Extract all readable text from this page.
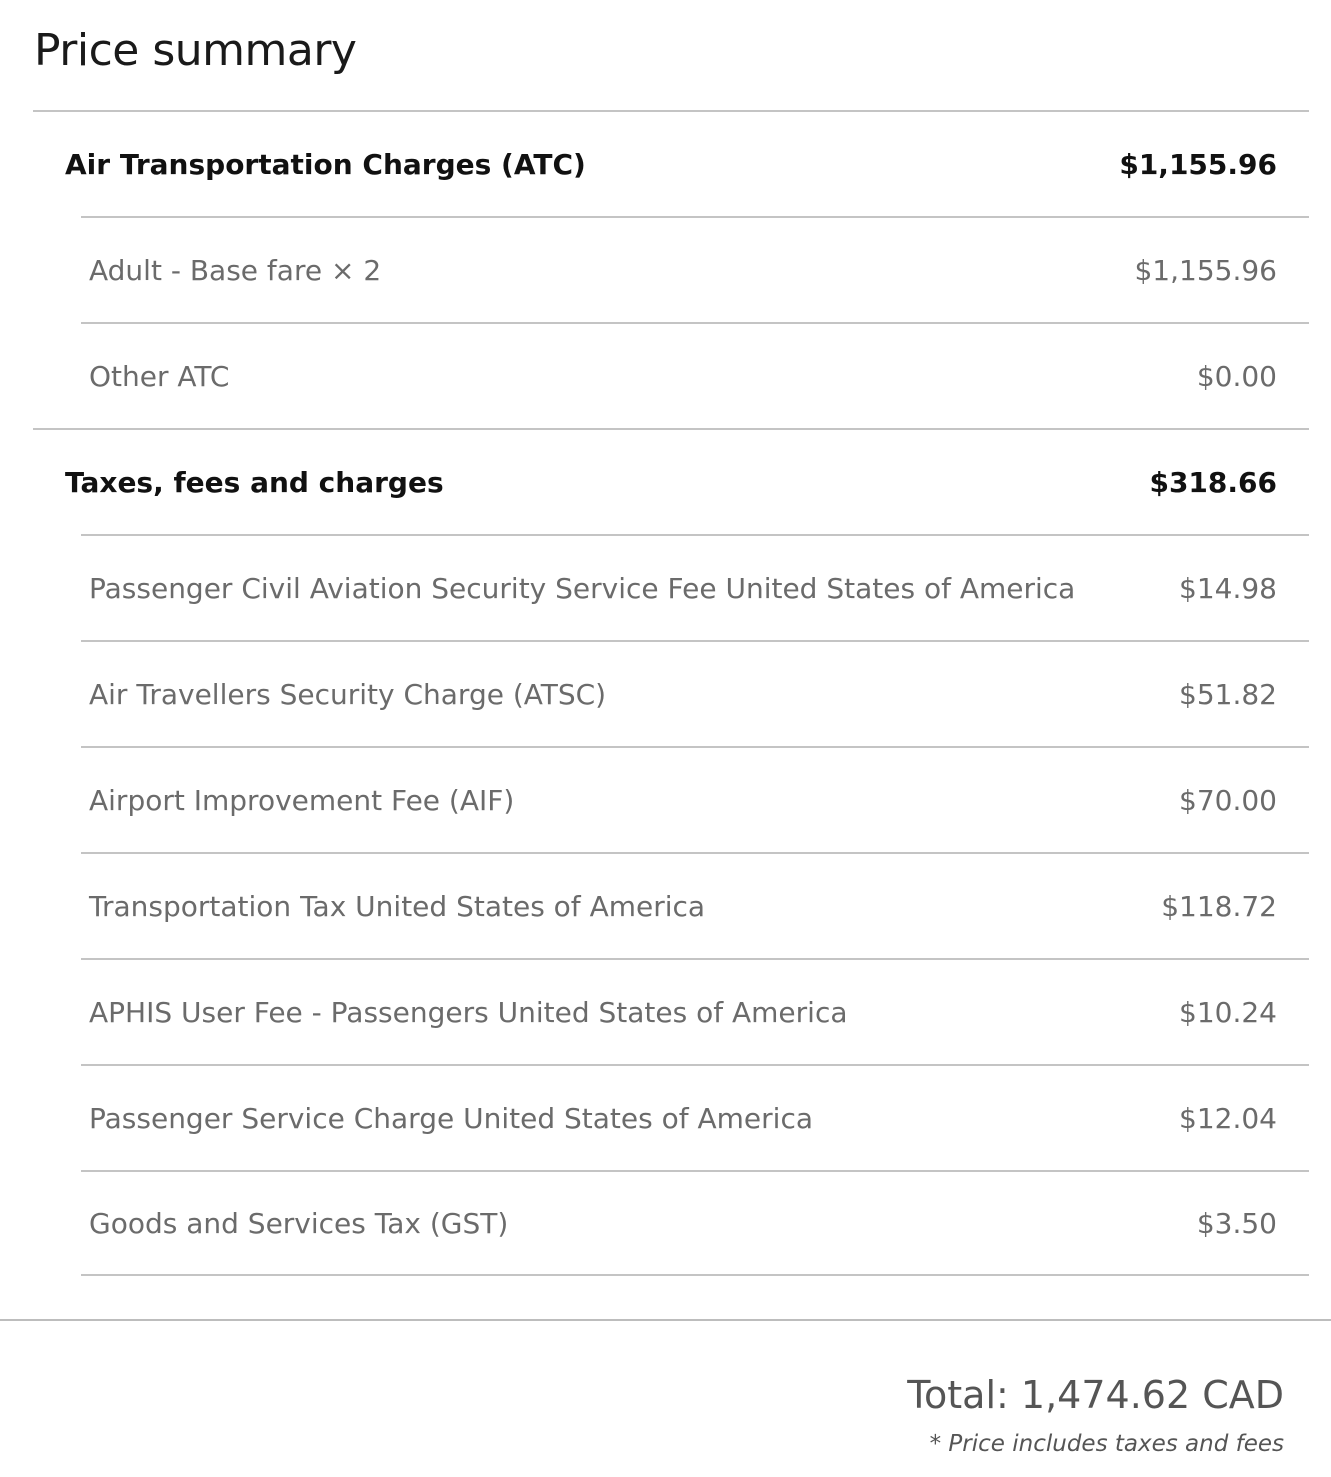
Price summary
Air Transportation Charges (ATC)	$1,155.96
Adult - Base fare × 2	$1,155.96
Other ATC	$0.00
Taxes, fees and charges	$318.66
Passenger Civil Aviation Security Service Fee United States of America	$14.98
Air Travellers Security Charge (ATSC)	$51.82
Airport Improvement Fee (AIF)	$70.00
Transportation Tax United States of America	$118.72
APHIS User Fee - Passengers United States of America	$10.24
Passenger Service Charge United States of America	$12.04
Goods and Services Tax (GST)	$3.50
Total: 1,474.62 CAD
* Price includes taxes and fees
